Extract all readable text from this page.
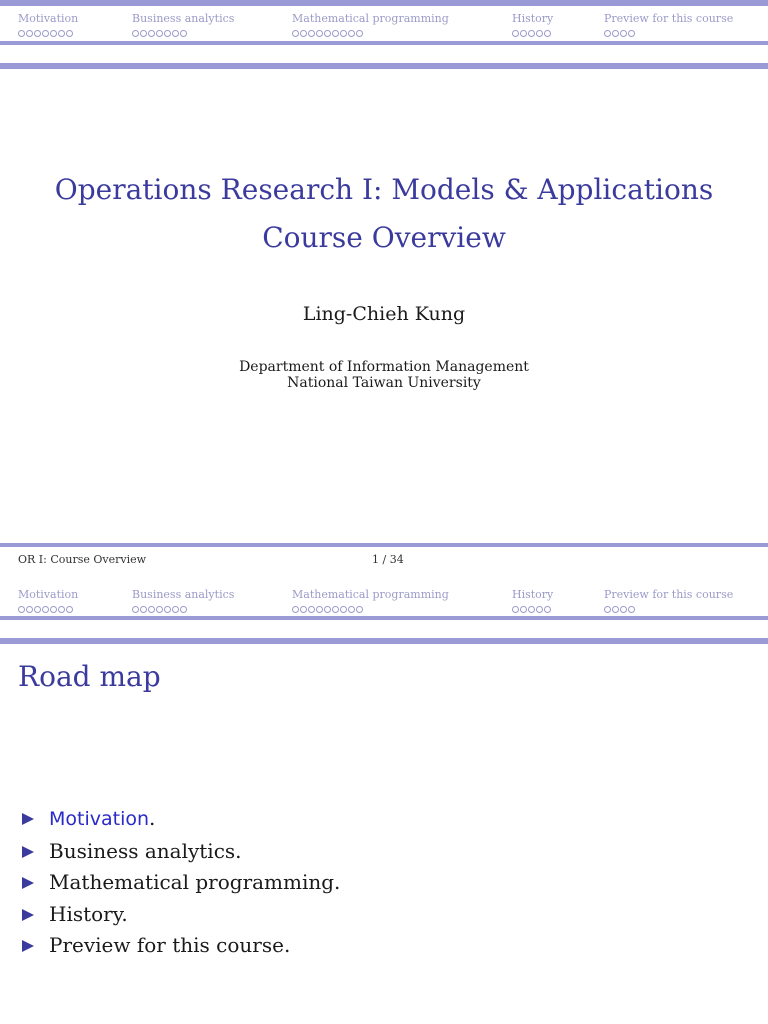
Motivation	Business analytics	Mathematical programming	History	Preview for this course
Operations Research I: Models & Applications
Course Overview
Ling-Chieh Kung
Department of Information Management
National Taiwan University
OR I: Course Overview	1 / 34
Motivation	Business analytics	Mathematical programming	History	Preview for this course
Road map
Motivation.
Business analytics.
Mathematical programming.
History.
Preview for this course.
